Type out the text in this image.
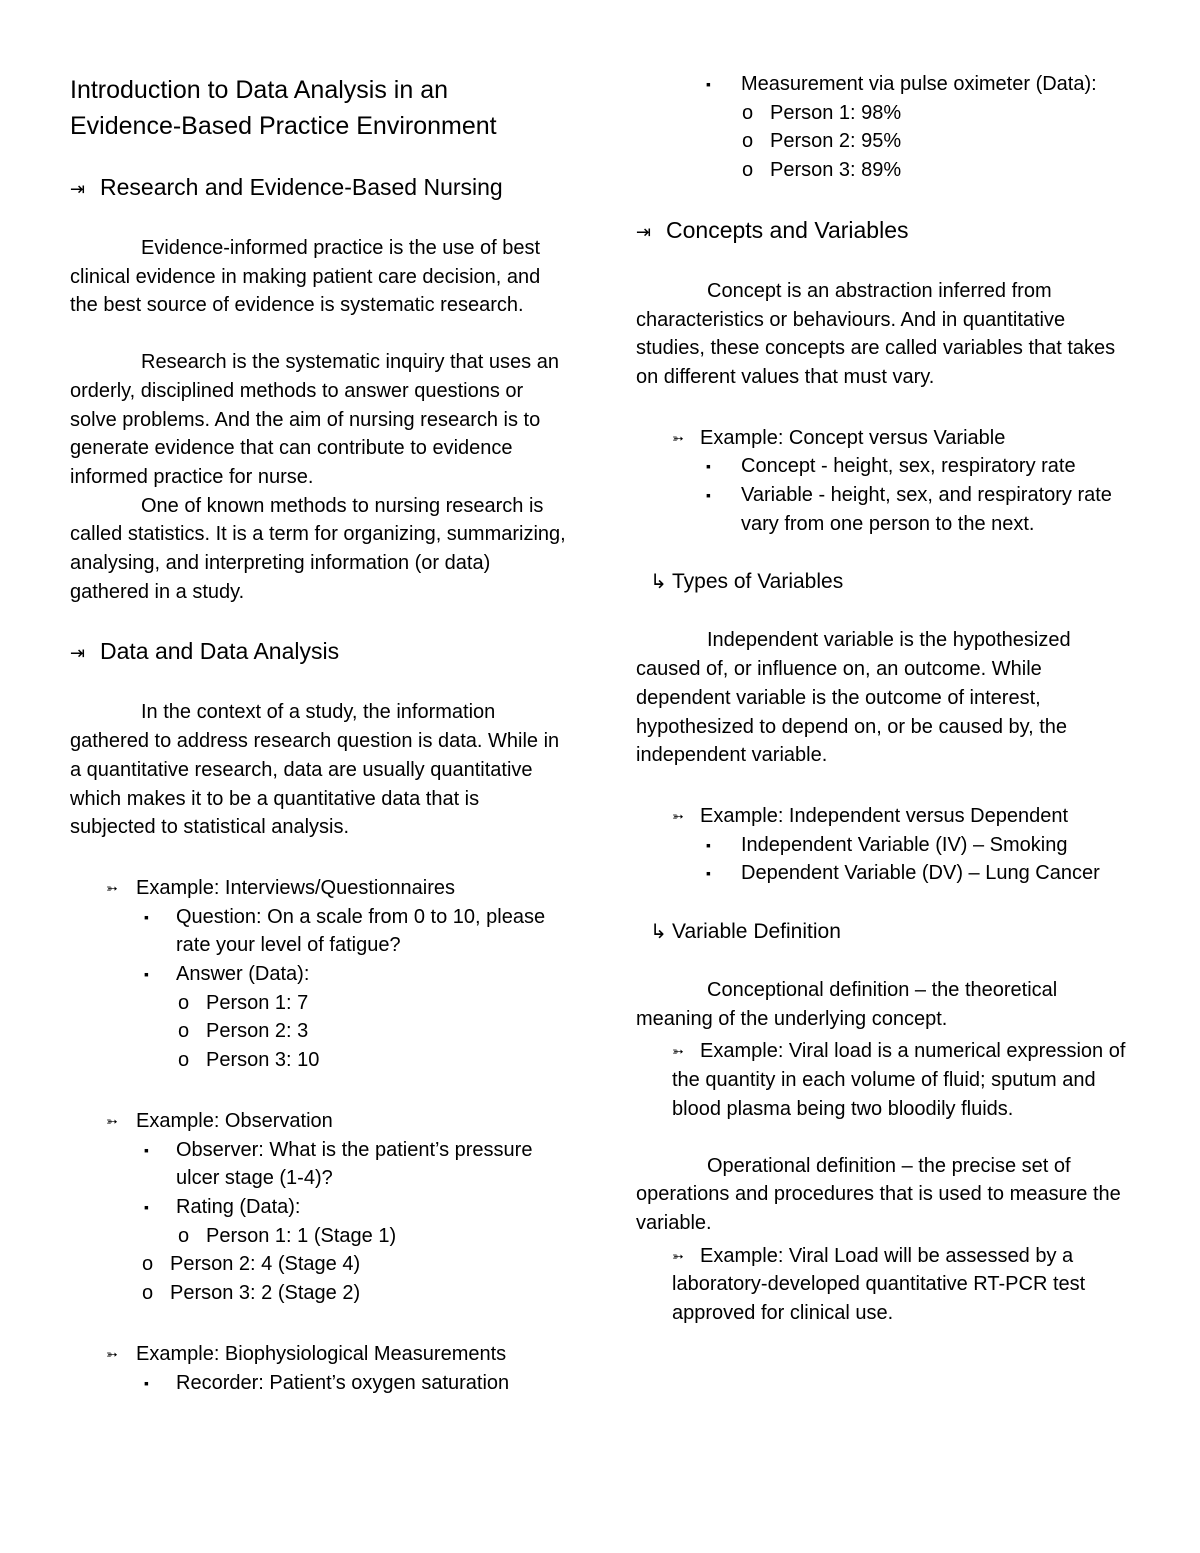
Introduction to Data Analysis in an
Evidence-Based Practice Environment
⇥ Research and Evidence-Based Nursing

Evidence-informed practice is the use of best clinical evidence in making patient care decision, and the best source of evidence is systematic research.

Research is the systematic inquiry that uses an orderly, disciplined methods to answer questions or solve problems. And the aim of nursing research is to generate evidence that can contribute to evidence informed practice for nurse.

One of known methods to nursing research is called statistics. It is a term for organizing, summarizing, analysing, and interpreting information (or data) gathered in a study.

⇥ Data and Data Analysis

In the context of a study, the information gathered to address research question is data. While in a quantitative research, data are usually quantitative which makes it to be a quantitative data that is subjected to statistical analysis.

➳ Example: Interviews/Questionnaires
▪ Question: On a scale from 0 to 10, please rate your level of fatigue?
▪ Answer (Data):
o Person 1: 7
o Person 2: 3
o Person 3: 10
➳ Example: Observation
▪ Observer: What is the patient’s pressure ulcer stage (1-4)?
▪ Rating (Data):
o Person 1: 1 (Stage 1)
o Person 2: 4 (Stage 4)
o Person 3: 2 (Stage 2)
➳ Example: Biophysiological Measurements
▪ Recorder: Patient’s oxygen saturation
▪ Measurement via pulse oximeter (Data):
o Person 1: 98%
o Person 2: 95%
o Person 3: 89%
⇥ Concepts and Variables

Concept is an abstraction inferred from characteristics or behaviours. And in quantitative studies, these concepts are called variables that takes on different values that must vary.

➳ Example: Concept versus Variable
▪ Concept - height, sex, respiratory rate
▪ Variable - height, sex, and respiratory rate vary from one person to the next.
↳ Types of Variables

Independent variable is the hypothesized caused of, or influence on, an outcome. While dependent variable is the outcome of interest, hypothesized to depend on, or be caused by, the independent variable.

➳ Example: Independent versus Dependent
▪ Independent Variable (IV) – Smoking
▪ Dependent Variable (DV) – Lung Cancer
↳ Variable Definition

Conceptional definition – the theoretical meaning of the underlying concept.

➳ Example: Viral load is a numerical expression of the quantity in each volume of fluid; sputum and blood plasma being two bloodily fluids.

Operational definition – the precise set of operations and procedures that is used to measure the variable.

➳ Example: Viral Load will be assessed by a laboratory-developed quantitative RT-PCR test approved for clinical use.
